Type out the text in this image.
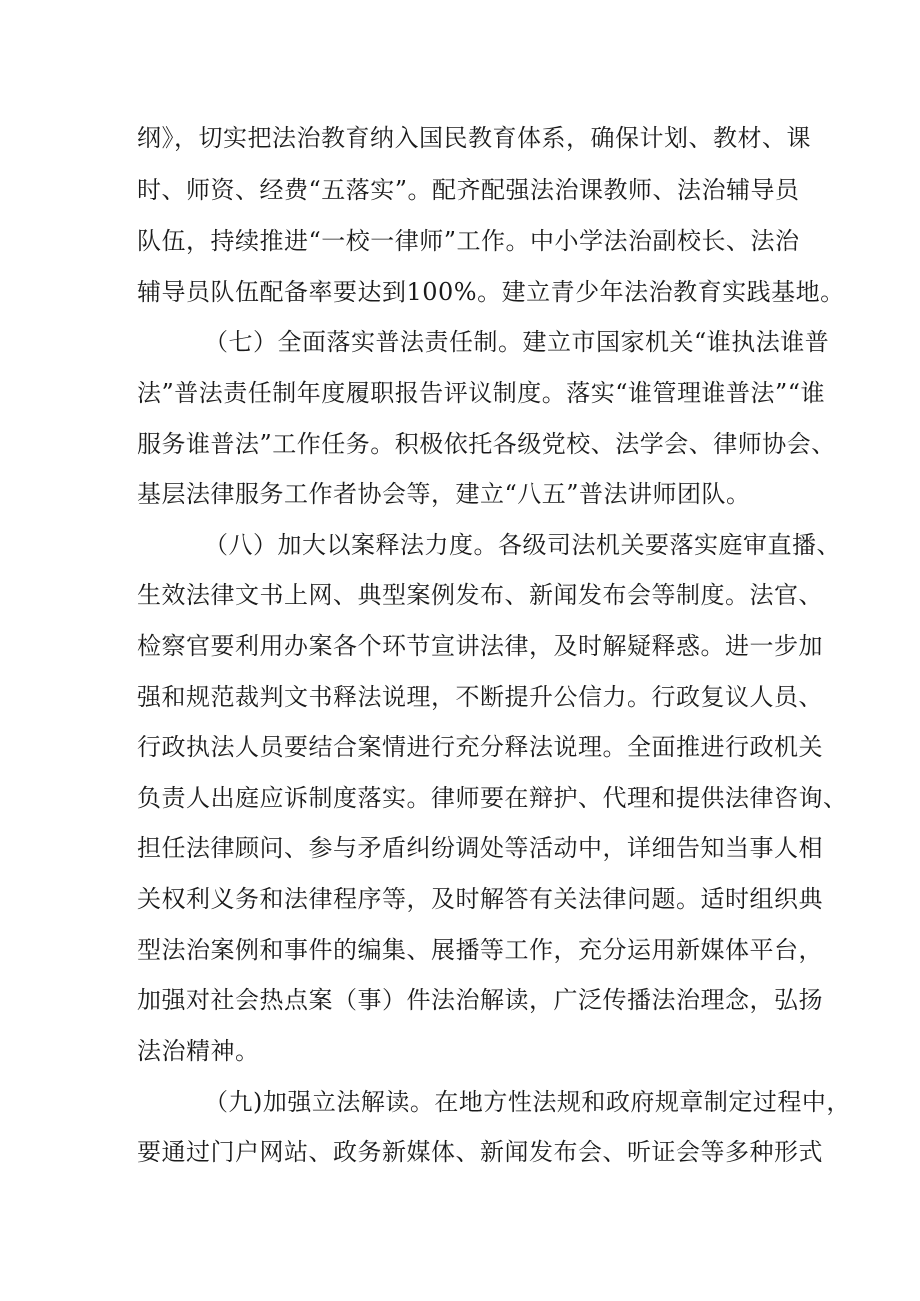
纲》，切实把法治教育纳入国民教育体系，确保计划、教材、课
时、师资、经费“五落实”。配齐配强法治课教师、法治辅导员
队伍，持续推进“一校一律师”工作。中小学法治副校长、法治
辅导员队伍配备率要达到100%。建立青少年法治教育实践基地。
（七）全面落实普法责任制。建立市国家机关“谁执法谁普
法”普法责任制年度履职报告评议制度。落实“谁管理谁普法”“谁
服务谁普法”工作任务。积极依托各级党校、法学会、律师协会、
基层法律服务工作者协会等，建立“八五”普法讲师团队。
（八）加大以案释法力度。各级司法机关要落实庭审直播、
生效法律文书上网、典型案例发布、新闻发布会等制度。法官、
检察官要利用办案各个环节宣讲法律，及时解疑释惑。进一步加
强和规范裁判文书释法说理，不断提升公信力。行政复议人员、
行政执法人员要结合案情进行充分释法说理。全面推进行政机关
负责人出庭应诉制度落实。律师要在辩护、代理和提供法律咨询、
担任法律顾问、参与矛盾纠纷调处等活动中，详细告知当事人相
关权利义务和法律程序等，及时解答有关法律问题。适时组织典
型法治案例和事件的编集、展播等工作，充分运用新媒体平台，
加强对社会热点案（事）件法治解读，广泛传播法治理念，弘扬
法治精神。
（九)加强立法解读。在地方性法规和政府规章制定过程中，
要通过门户网站、政务新媒体、新闻发布会、听证会等多种形式
